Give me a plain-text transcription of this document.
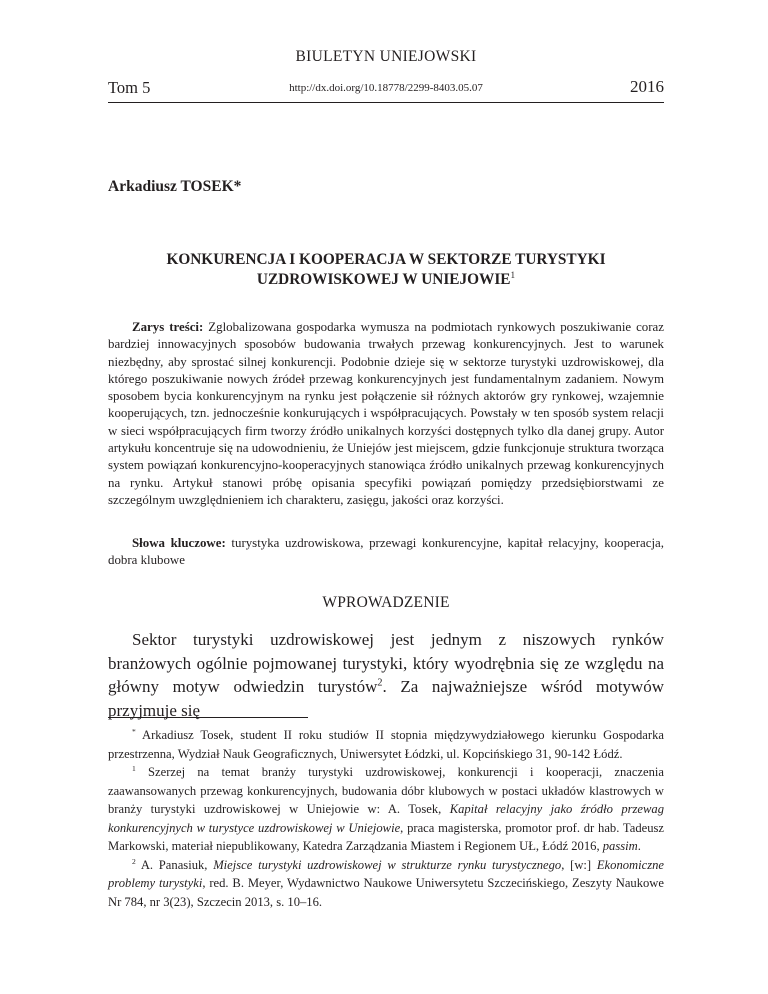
BIULETYN UNIEJOWSKI
Tom 5	http://dx.doi.org/10.18778/2299-8403.05.07	2016
Arkadiusz TOSEK*
KONKURENCJA I KOOPERACJA W SEKTORZE TURYSTYKI
UZDROWISKOWEJ W UNIEJOWIE$^1$
Zarys treści: Zglobalizowana gospodarka wymusza na podmiotach rynkowych poszukiwanie coraz bardziej innowacyjnych sposobów budowania trwałych przewag konkurencyjnych. Jest to warunek niezbędny, aby sprostać silnej konkurencji. Podobnie dzieje się w sektorze turystyki uzdrowiskowej, dla którego poszukiwanie nowych źródeł przewag konkurencyjnych jest fundamentalnym zadaniem. Nowym sposobem bycia konkurencyjnym na rynku jest połączenie sił różnych aktorów gry rynkowej, wzajemnie kooperujących, tzn. jednocześnie konkurujących i współpracujących. Powstały w ten sposób system relacji w sieci współpracujących firm tworzy źródło unikalnych korzyści dostępnych tylko dla danej grupy. Autor artykułu koncentruje się na udowodnieniu, że Uniejów jest miejscem, gdzie funkcjonuje struktura tworząca system powiązań konkurencyjno-kooperacyjnych stanowiąca źródło unikalnych przewag konkurencyjnych na rynku. Artykuł stanowi próbę opisania specyfiki powiązań pomiędzy przedsiębiorstwami ze szczególnym uwzględnieniem ich charakteru, zasięgu, jakości oraz korzyści.
Słowa kluczowe: turystyka uzdrowiskowa, przewagi konkurencyjne, kapitał relacyjny, kooperacja, dobra klubowe
WPROWADZENIE
Sektor turystyki uzdrowiskowej jest jednym z niszowych rynków branżowych ogólnie pojmowanej turystyki, który wyodrębnia się ze względu na główny motyw odwiedzin turystów$^2$. Za najważniejsze wśród motywów przyjmuje się

* Arkadiusz Tosek, student II roku studiów II stopnia międzywydziałowego kierunku Gospodarka przestrzenna, Wydział Nauk Geograficznych, Uniwersytet Łódzki, ul. Kopcińskiego 31, 90-142 Łódź.

$^1$ Szerzej na temat branży turystyki uzdrowiskowej, konkurencji i kooperacji, znaczenia zaawansowanych przewag konkurencyjnych, budowania dóbr klubowych w postaci układów klastrowych w branży turystyki uzdrowiskowej w Uniejowie w: A. Tosek, Kapitał relacyjny jako źródło przewag konkurencyjnych w turystyce uzdrowiskowej w Uniejowie, praca magisterska, promotor prof. dr hab. Tadeusz Markowski, materiał niepublikowany, Katedra Zarządzania Miastem i Regionem UŁ, Łódź 2016, passim.

$^2$ A. Panasiuk, Miejsce turystyki uzdrowiskowej w strukturze rynku turystycznego, [w:] Ekonomiczne problemy turystyki, red. B. Meyer, Wydawnictwo Naukowe Uniwersytetu Szczecińskiego, Zeszyty Naukowe Nr 784, nr 3(23), Szczecin 2013, s. 10–16.
